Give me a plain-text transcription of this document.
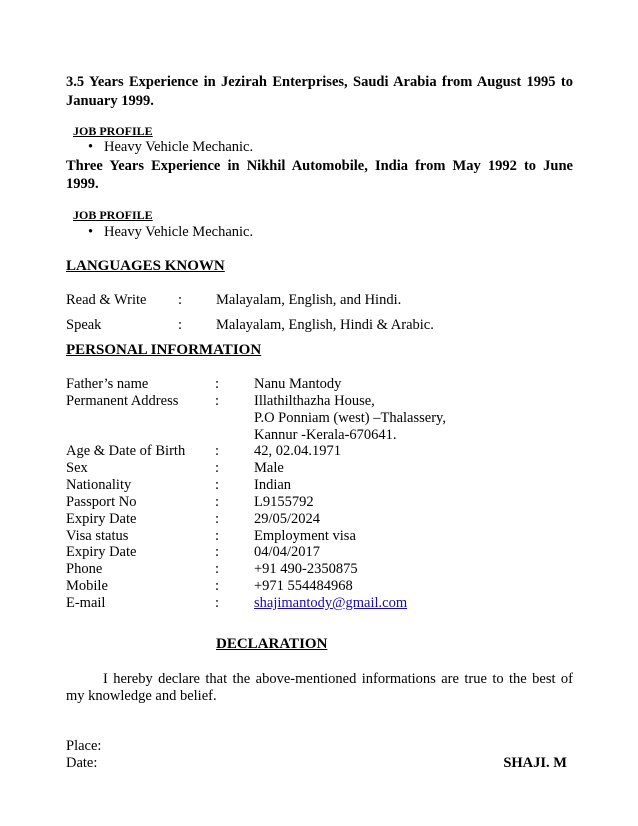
3.5 Years Experience in Jezirah Enterprises, Saudi Arabia from August 1995 to
January 1999.
JOB PROFILE
• Heavy Vehicle Mechanic.
Three Years Experience in Nikhil Automobile, India from May 1992 to June
1999.
JOB PROFILE
• Heavy Vehicle Mechanic.
LANGUAGES KNOWN
Read & Write : Malayalam, English, and Hindi.
Speak	: Malayalam, English, Hindi & Arabic.
PERSONAL INFORMATION
Father’s name	: Nanu Mantody
Permanent Address	: Illathilthazha House,
P.O Ponniam (west) –Thalassery,
Kannur -Kerala-670641.
Age & Date of Birth : 42, 02.04.1971
Sex	: Male
Nationality	: Indian
Passport No	: L9155792
Expiry Date	: 29/05/2024
Visa status	: Employment visa
Expiry Date	: 04/04/2017
Phone	: +91 490-2350875
Mobile	: +971 554484968
E-mail	: shajimantody@gmail.com
DECLARATION
I hereby declare that the above-mentioned informations are true to the best of
my knowledge and belief.
Place:
Date:	SHAJI. M
